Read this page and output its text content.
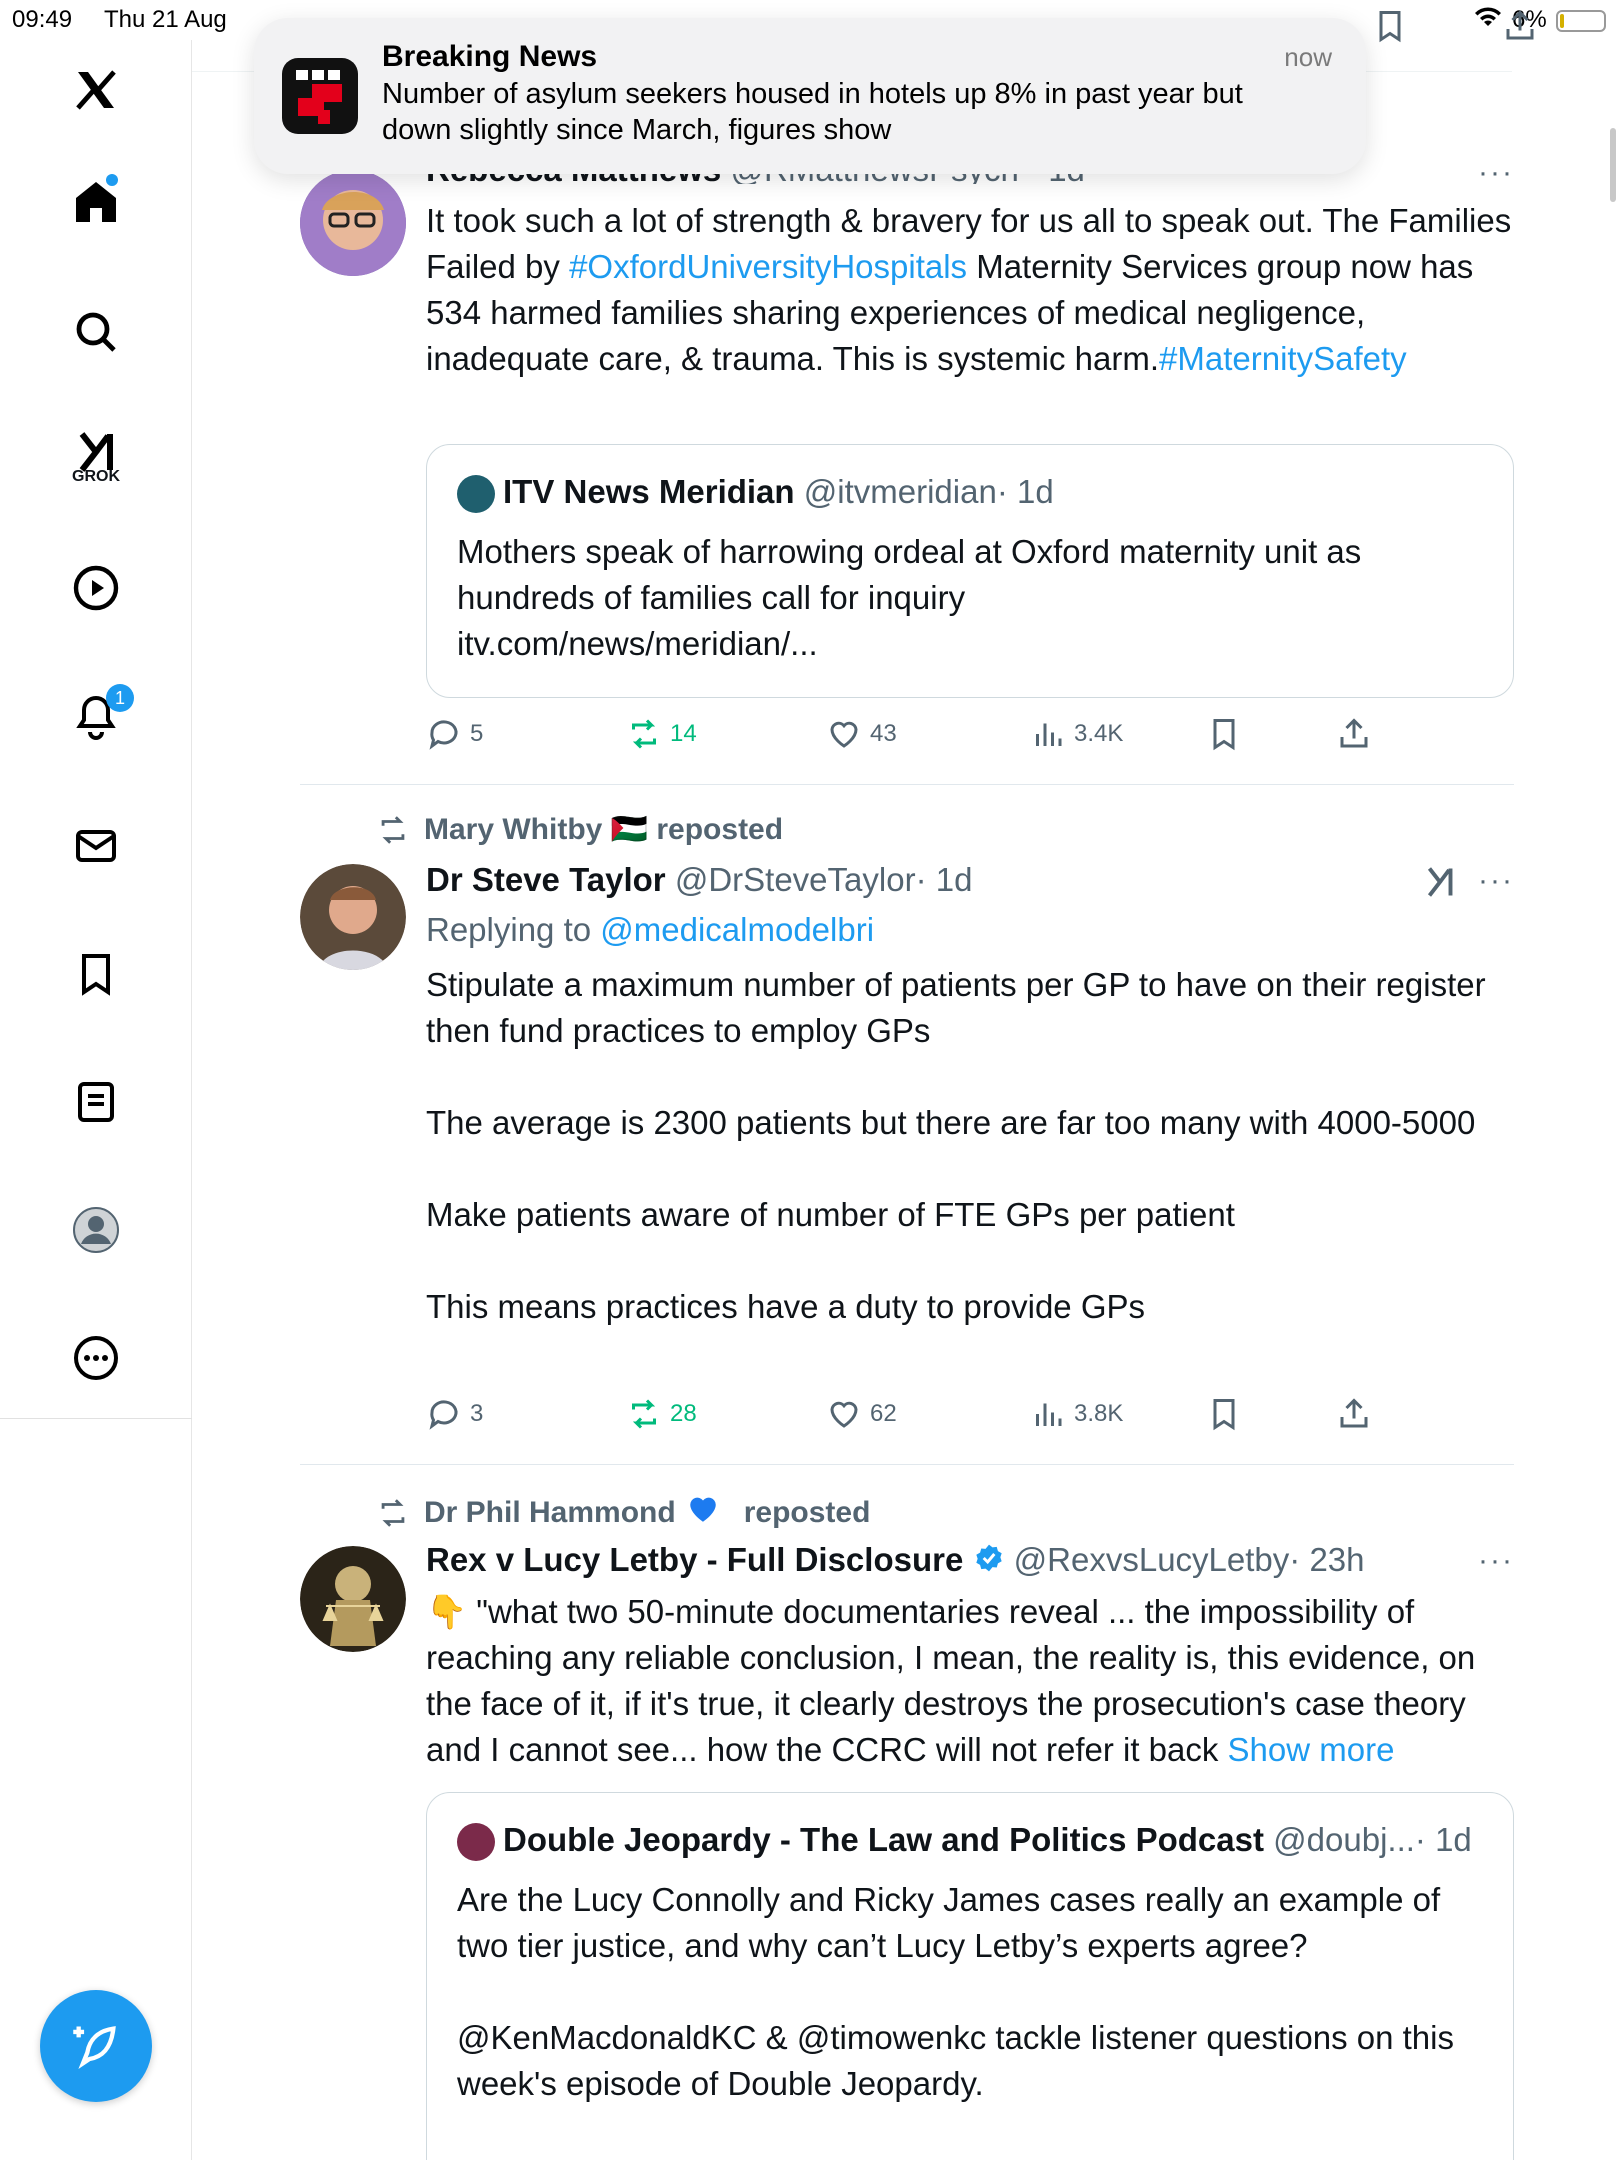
09:49 Thu 21 Aug	6%
GROK
1
Breaking News	now
Number of asylum seekers housed in hotels up 8% in past year but down slightly since March, figures show
It took such a lot of strength & bravery for us all to speak out. The Families Failed by #OxfordUniversityHospitals Maternity Services group now has 534 harmed families sharing experiences of medical negligence, inadequate care, & trauma. This is systemic harm.#MaternitySafety
···
ITV News Meridian @itvmeridian· 1d
Mothers speak of harrowing ordeal at Oxford maternity unit as hundreds of families call for inquiry
itv.com/news/meridian/...
5	14	43	3.4K
Mary Whitby 🇵🇸 reposted
Dr Steve Taylor @DrSteveTaylor· 1d
Replying to @medicalmodelbri
Stipulate a maximum number of patients per GP to have on their register then fund practices to employ GPs

The average is 2300 patients but there are far too many with 4000-5000

Make patients aware of number of FTE GPs per patient

This means practices have a duty to provide GPs
···
3	28	62	3.8K
Dr Phil Hammond reposted
Rex v Lucy Letby - Full Disclosure @RexvsLucyLetby· 23h
👇 "what two 50-minute documentaries reveal ... the impossibility of reaching any reliable conclusion, I mean, the reality is, this evidence, on the face of it, if it's true, it clearly destroys the prosecution's case theory and I cannot see... how the CCRC will not refer it back Show more
···
Double Jeopardy - The Law and Politics Podcast @doubj...· 1d
Are the Lucy Connolly and Ricky James cases really an example of two tier justice, and why can’t Lucy Letby’s experts agree?

@KenMacdonaldKC & @timowenkc tackle listener questions on this week's episode of Double Jeopardy.
